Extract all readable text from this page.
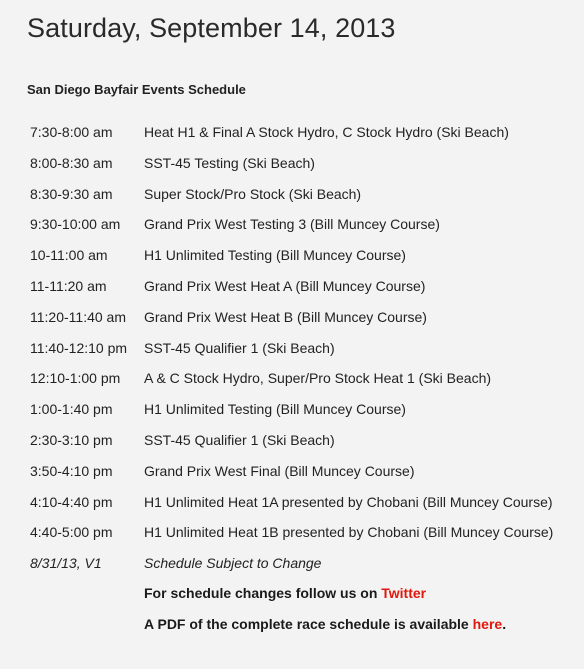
Saturday, September 14, 2013
San Diego Bayfair Events Schedule
7:30-8:00 am Heat H1 & Final A Stock Hydro, C Stock Hydro (Ski Beach)
8:00-8:30 am SST-45 Testing (Ski Beach)
8:30-9:30 am Super Stock/Pro Stock (Ski Beach)
9:30-10:00 am Grand Prix West Testing 3 (Bill Muncey Course)
10-11:00 am	H1 Unlimited Testing (Bill Muncey Course)
11-11:20 am	Grand Prix West Heat A (Bill Muncey Course)
11:20-11:40 am Grand Prix West Heat B (Bill Muncey Course)
11:40-12:10 pm SST-45 Qualifier 1 (Ski Beach)
12:10-1:00 pm A & C Stock Hydro, Super/Pro Stock Heat 1 (Ski Beach)
1:00-1:40 pm H1 Unlimited Testing (Bill Muncey Course)
2:30-3:10 pm SST-45 Qualifier 1 (Ski Beach)
3:50-4:10 pm Grand Prix West Final (Bill Muncey Course)
4:10-4:40 pm H1 Unlimited Heat 1A presented by Chobani (Bill Muncey Course)
4:40-5:00 pm H1 Unlimited Heat 1B presented by Chobani (Bill Muncey Course)
8/31/13, V1	Schedule Subject to Change
For schedule changes follow us on Twitter
A PDF of the complete race schedule is available here.
